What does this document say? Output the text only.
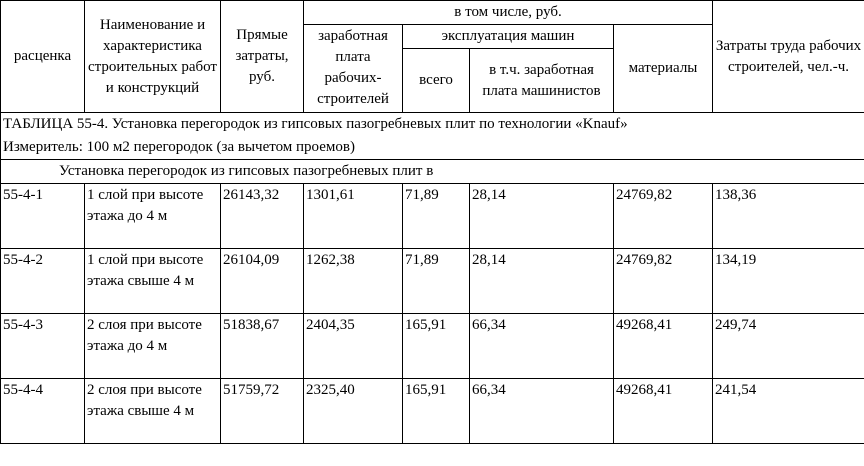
расценка	Наименование и характеристика строительных работ и конструкций	Прямые затраты, руб.	в том числе, руб.				Затраты труда рабочих строителей, чел.-ч.
			заработная плата рабочих-строителей	эксплуатация машин		материалы	
				всего	в т.ч. заработная плата машинистов		

ТАБЛИЦА 55-4. Установка перегородок из гипсовых пазогребневых плит по технологии «Knauf»							
Измеритель: 100 м2 перегородок (за вычетом проемов)							
Установка перегородок из гипсовых пазогребневых плит в							
55-4-1	1 слой при высоте этажа до 4 м	26143,32	1301,61	71,89	28,14	24769,82	138,36
55-4-2	1 слой при высоте этажа свыше 4 м	26104,09	1262,38	71,89	28,14	24769,82	134,19
55-4-3	2 слоя при высоте этажа до 4 м	51838,67	2404,35	165,91	66,34	49268,41	249,74
55-4-4	2 слоя при высоте этажа свыше 4 м	51759,72	2325,40	165,91	66,34	49268,41	241,54
